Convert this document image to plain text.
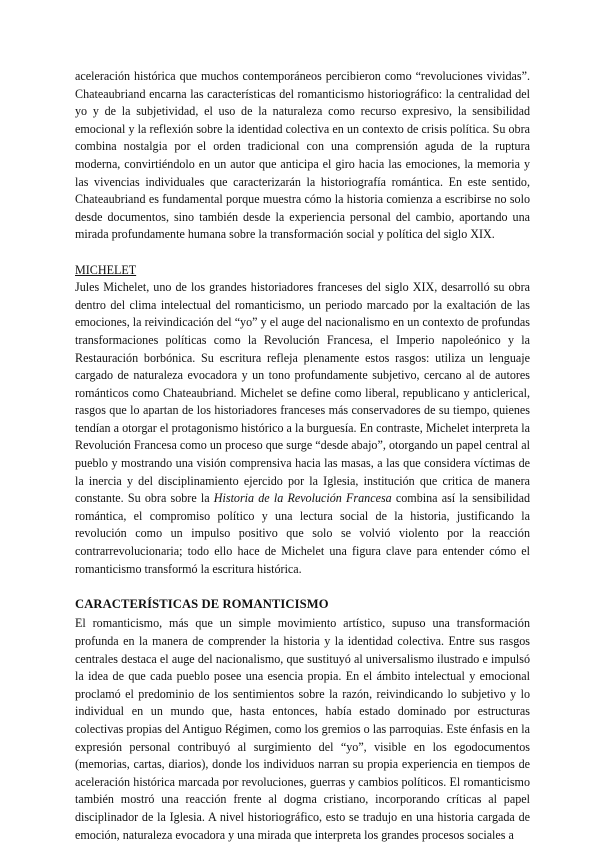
aceleración histórica que muchos contemporáneos percibieron como “revoluciones vividas”. Chateaubriand encarna las características del romanticismo historiográfico: la centralidad del yo y de la subjetividad, el uso de la naturaleza como recurso expresivo, la sensibilidad emocional y la reflexión sobre la identidad colectiva en un contexto de crisis política. Su obra combina nostalgia por el orden tradicional con una comprensión aguda de la ruptura moderna, convirtiéndolo en un autor que anticipa el giro hacia las emociones, la memoria y las vivencias individuales que caracterizarán la historiografía romántica. En este sentido, Chateaubriand es fundamental porque muestra cómo la historia comienza a escribirse no solo desde documentos, sino también desde la experiencia personal del cambio, aportando una mirada profundamente humana sobre la transformación social y política del siglo XIX.

MICHELET

Jules Michelet, uno de los grandes historiadores franceses del siglo XIX, desarrolló su obra dentro del clima intelectual del romanticismo, un periodo marcado por la exaltación de las emociones, la reivindicación del “yo” y el auge del nacionalismo en un contexto de profundas transformaciones políticas como la Revolución Francesa, el Imperio napoleónico y la Restauración borbónica. Su escritura refleja plenamente estos rasgos: utiliza un lenguaje cargado de naturaleza evocadora y un tono profundamente subjetivo, cercano al de autores románticos como Chateaubriand. Michelet se define como liberal, republicano y anticlerical, rasgos que lo apartan de los historiadores franceses más conservadores de su tiempo, quienes tendían a otorgar el protagonismo histórico a la burguesía. En contraste, Michelet interpreta la Revolución Francesa como un proceso que surge “desde abajo”, otorgando un papel central al pueblo y mostrando una visión comprensiva hacia las masas, a las que considera víctimas de la inercia y del disciplinamiento ejercido por la Iglesia, institución que critica de manera constante. Su obra sobre la Historia de la Revolución Francesa combina así la sensibilidad romántica, el compromiso político y una lectura social de la historia, justificando la revolución como un impulso positivo que solo se volvió violento por la reacción contrarrevolucionaria; todo ello hace de Michelet una figura clave para entender cómo el romanticismo transformó la escritura histórica.

CARACTERÍSTICAS DE ROMANTICISMO

El romanticismo, más que un simple movimiento artístico, supuso una transformación profunda en la manera de comprender la historia y la identidad colectiva. Entre sus rasgos centrales destaca el auge del nacionalismo, que sustituyó al universalismo ilustrado e impulsó la idea de que cada pueblo posee una esencia propia. En el ámbito intelectual y emocional proclamó el predominio de los sentimientos sobre la razón, reivindicando lo subjetivo y lo individual en un mundo que, hasta entonces, había estado dominado por estructuras colectivas propias del Antiguo Régimen, como los gremios o las parroquias. Este énfasis en la expresión personal contribuyó al surgimiento del “yo”, visible en los egodocumentos (memorias, cartas, diarios), donde los individuos narran su propia experiencia en tiempos de aceleración histórica marcada por revoluciones, guerras y cambios políticos. El romanticismo también mostró una reacción frente al dogma cristiano, incorporando críticas al papel disciplinador de la Iglesia. A nivel historiográfico, esto se tradujo en una historia cargada de emoción, naturaleza evocadora y una mirada que interpreta los grandes procesos sociales a
